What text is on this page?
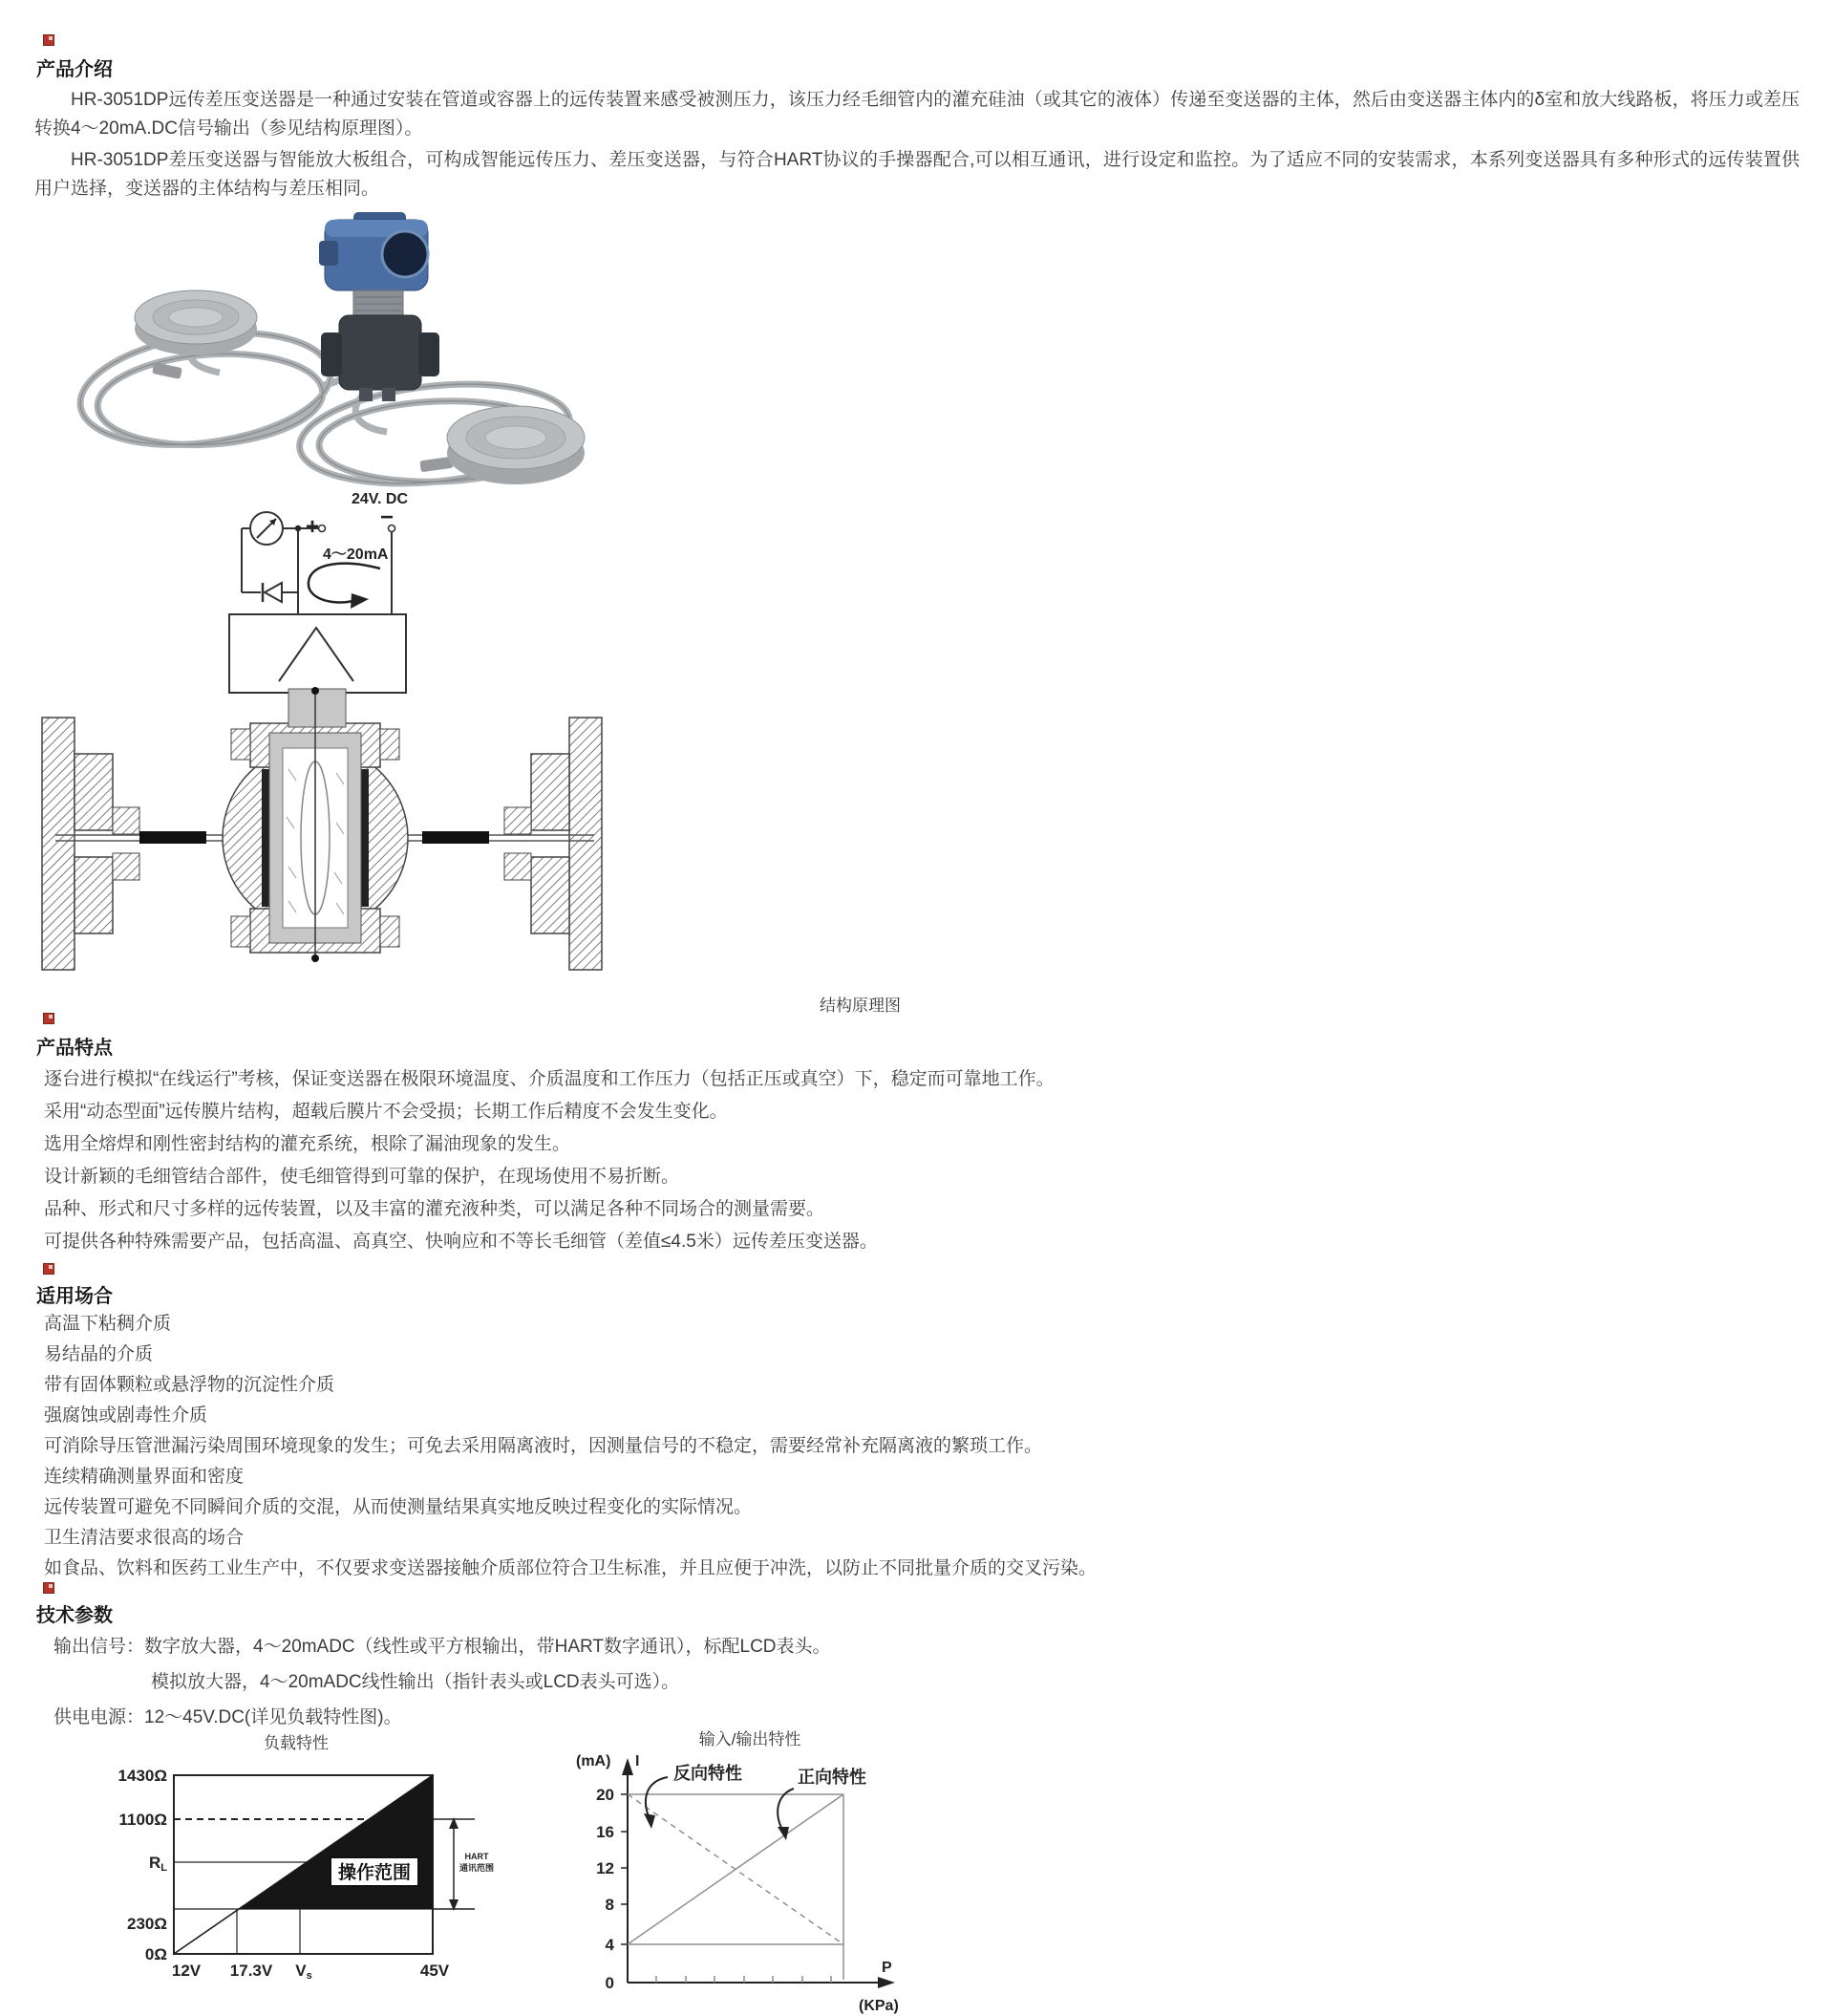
产品介绍
HR-3051DP远传差压变送器是一种通过安装在管道或容器上的远传装置来感受被测压力，该压力经毛细管内的灌充硅油（或其它的液体）传递至变送器的主体，然后由变送器主体内的δ室和放大线路板，将压力或差压转换4～20mA.DC信号输出（参见结构原理图）。
HR-3051DP差压变送器与智能放大板组合，可构成智能远传压力、差压变送器，与符合HART协议的手操器配合,可以相互通讯，进行设定和监控。为了适应不同的安装需求，本系列变送器具有多种形式的远传装置供用户选择，变送器的主体结构与差压相同。
24V. DC
+	−
4～20mA
结构原理图
产品特点
逐台进行模拟“在线运行”考核，保证变送器在极限环境温度、介质温度和工作压力（包括正压或真空）下，稳定而可靠地工作。
采用“动态型面”远传膜片结构，超载后膜片不会受损；长期工作后精度不会发生变化。
选用全熔焊和刚性密封结构的灌充系统，根除了漏油现象的发生。
设计新颖的毛细管结合部件，使毛细管得到可靠的保护，在现场使用不易折断。
品种、形式和尺寸多样的远传装置，以及丰富的灌充液种类，可以满足各种不同场合的测量需要。
可提供各种特殊需要产品，包括高温、高真空、快响应和不等长毛细管（差值≤4.5米）远传差压变送器。
适用场合
高温下粘稠介质
易结晶的介质
带有固体颗粒或悬浮物的沉淀性介质
强腐蚀或剧毒性介质
可消除导压管泄漏污染周围环境现象的发生；可免去采用隔离液时，因测量信号的不稳定，需要经常补充隔离液的繁琐工作。
连续精确测量界面和密度
远传装置可避免不同瞬间介质的交混，从而使测量结果真实地反映过程变化的实际情况。
卫生清洁要求很高的场合
如食品、饮料和医药工业生产中，不仅要求变送器接触介质部位符合卫生标准，并且应便于冲洗，以防止不同批量介质的交叉污染。
技术参数
输出信号：数字放大器，4～20mADC（线性或平方根输出，带HART数字通讯），标配LCD表头。
模拟放大器，4～20mADC线性输出（指针表头或LCD表头可选）。
供电电源：12～45V.DC(详见负载特性图)。
负载特性
操作范围
HART
通讯范围
1430Ω
1100Ω
RL
230Ω
0Ω
12V 17.3V Vs	45V
输入/输出特性
(mA) I
P
(KPa)
20
16
12
8
4
0
反向特性	正向特性
